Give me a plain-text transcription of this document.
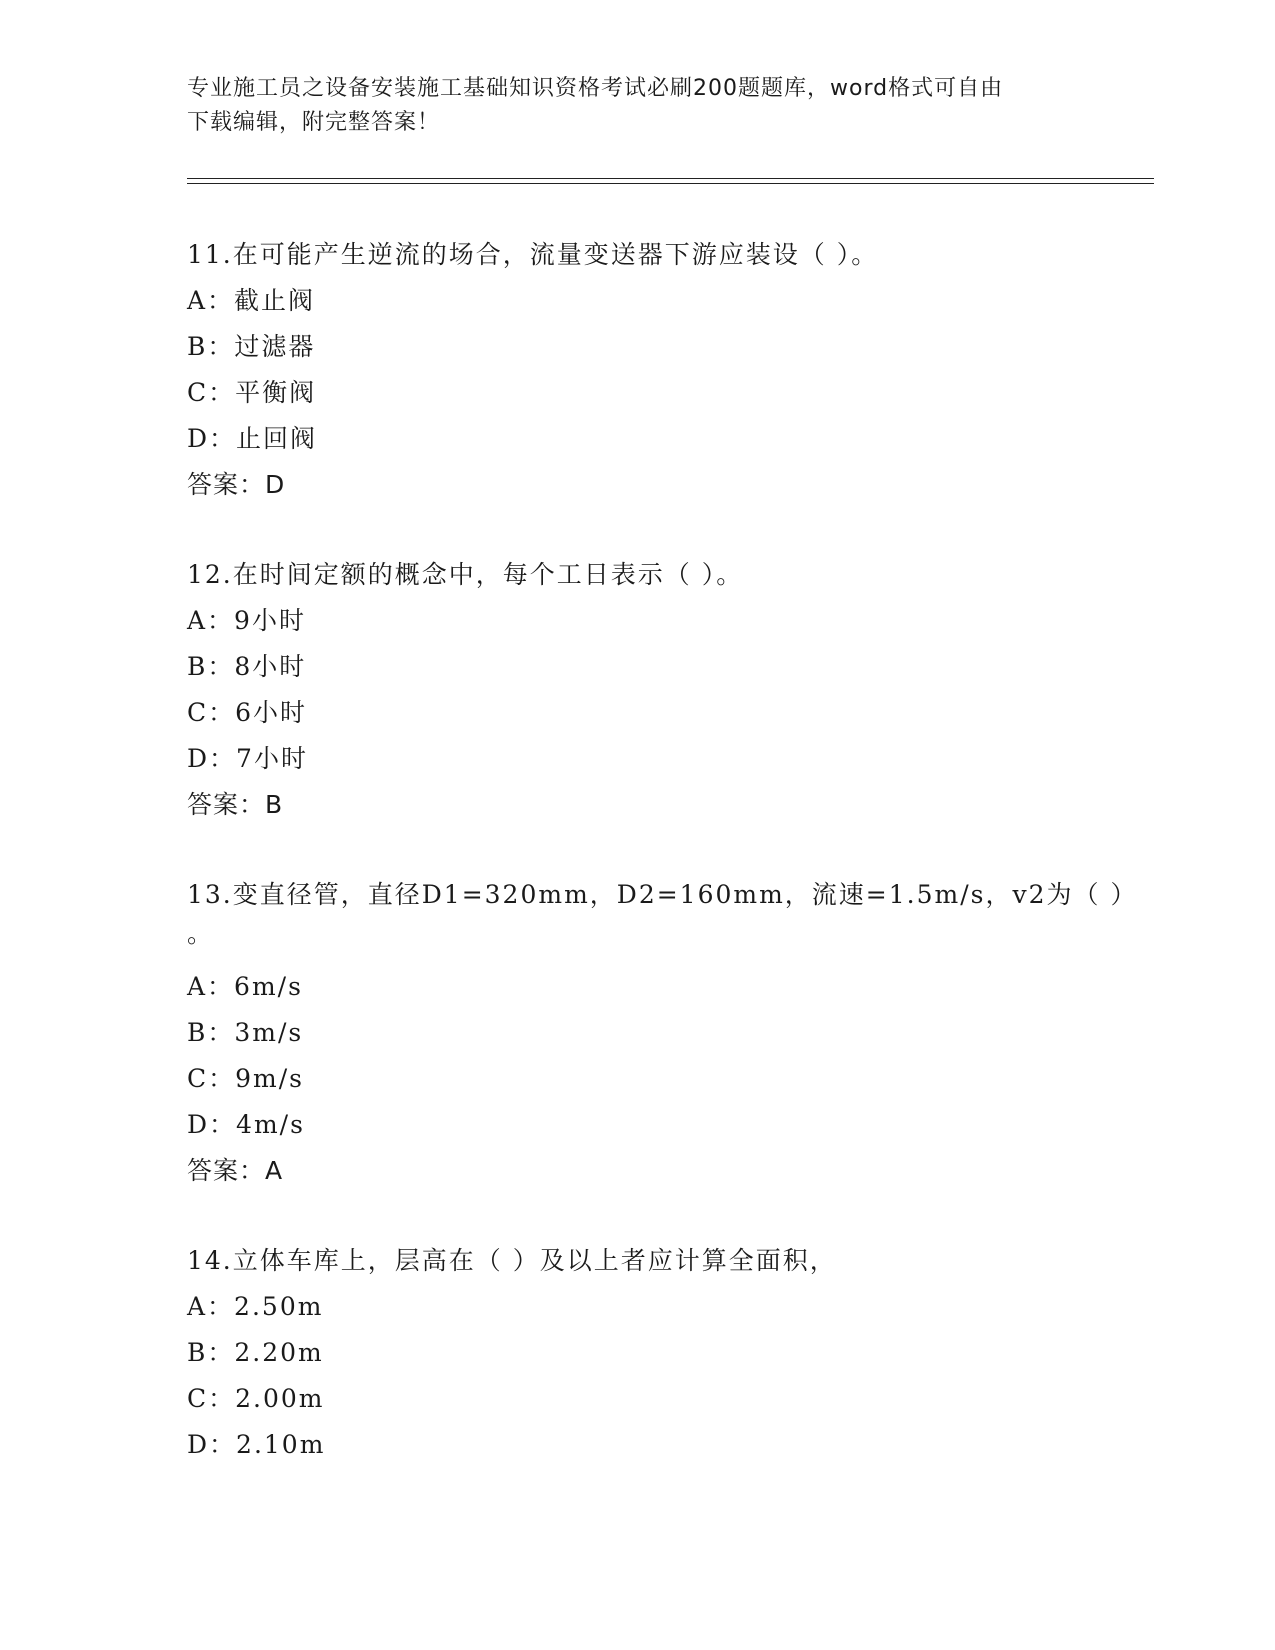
专业施工员之设备安装施工基础知识资格考试必刷200题题库，word格式可自由
下载编辑，附完整答案！
11.在可能产生逆流的场合，流量变送器下游应装设（ ）。
A：截止阀
B：过滤器
C：平衡阀
D：止回阀
答案：D
12.在时间定额的概念中，每个工日表示（ ）。
A：9小时
B：8小时
C：6小时
D：7小时
答案：B
13.变直径管，直径D1=320mm，D2=160mm，流速=1.5m/s，v2为（ ）
。
A：6m/s
B：3m/s
C：9m/s
D：4m/s
答案：A
14.立体车库上，层高在（ ）及以上者应计算全面积，
A：2.50m
B：2.20m
C：2.00m
D：2.10m
